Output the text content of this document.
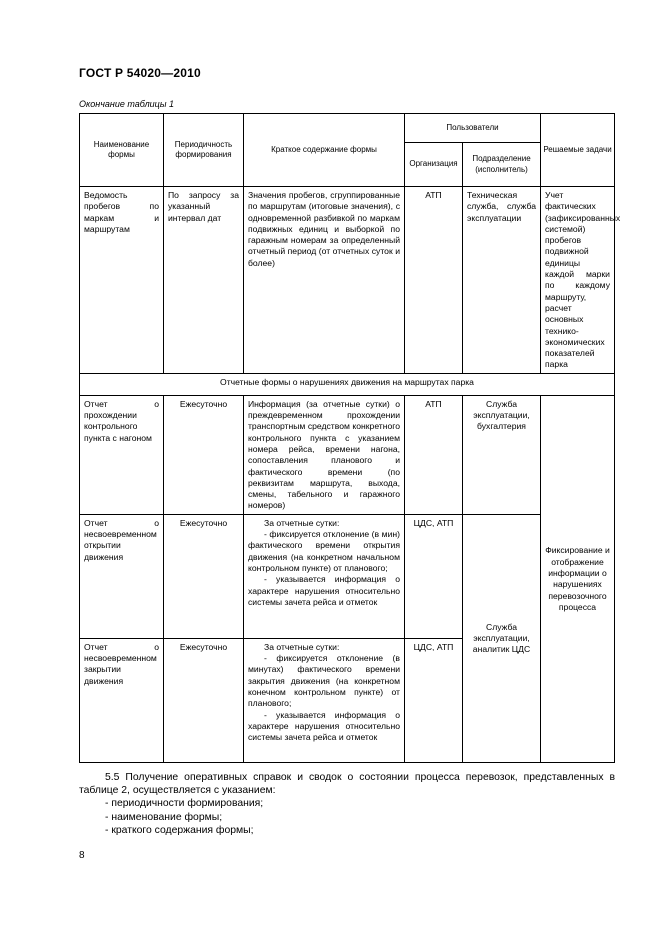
ГОСТ Р 54020—2010
Окончание таблицы 1
Наименование формы	Периодичность формирования	Краткое содержание формы	Пользователи		Решаемые задачи
			Организация	Подразделение (исполнитель)	
Ведомость пробегов по маркам и маршрутам	По запросу за указанный интервал дат	Значения пробегов, сгруппированные по маршрутам (итоговые значения), с одновременной разбивкой по маркам подвижных единиц и выборкой по гаражным номерам за определенный отчетный период (от отчетных суток и более)	АТП	Техническая служба, служба эксплуатации	Учет фактических (зафиксированных системой) пробегов подвижной единицы каждой марки по каждому маршруту, расчет основных технико-экономических показателей парка
Отчетные формы о нарушениях движения на маршрутах парка					
Отчет о прохождении контрольного пункта с нагоном	Ежесуточно	Информация (за отчетные сутки) о преждевременном прохождении транспортным средством конкретного контрольного пункта с указанием номера рейса, времени нагона, сопоставления планового и фактического времени (по реквизитам маршрута, выхода, смены, табельного и гаражного номеров)	АТП	Служба эксплуатации, бухгалтерия	Фиксирование и отображение информации о нарушениях перевозочного процесса
Отчет о несвоевременном открытии движения	Ежесуточно	За отчетные сутки:
- фиксируется отклонение (в мин) фактического времени открытия движения (на конкретном начальном контрольном пункте) от планового;
- указывается информация о характере нарушения относительно системы зачета рейса и отметок	ЦДС, АТП	Служба эксплуатации, аналитик ЦДС	
Отчет о несвоевременном закрытии движения	Ежесуточно	За отчетные сутки:
- фиксируется отклонение (в минутах) фактического времени закрытия движения (на конкретном конечном контрольном пункте) от планового;
- указывается информация о характере нарушения относительно системы зачета рейса и отметок	ЦДС, АТП		

5.5 Получение оперативных справок и сводок о состоянии процесса перевозок, представленных в таблице 2, осуществляется с указанием:

- периодичности формирования;

- наименование формы;

- краткого содержания формы;

8
